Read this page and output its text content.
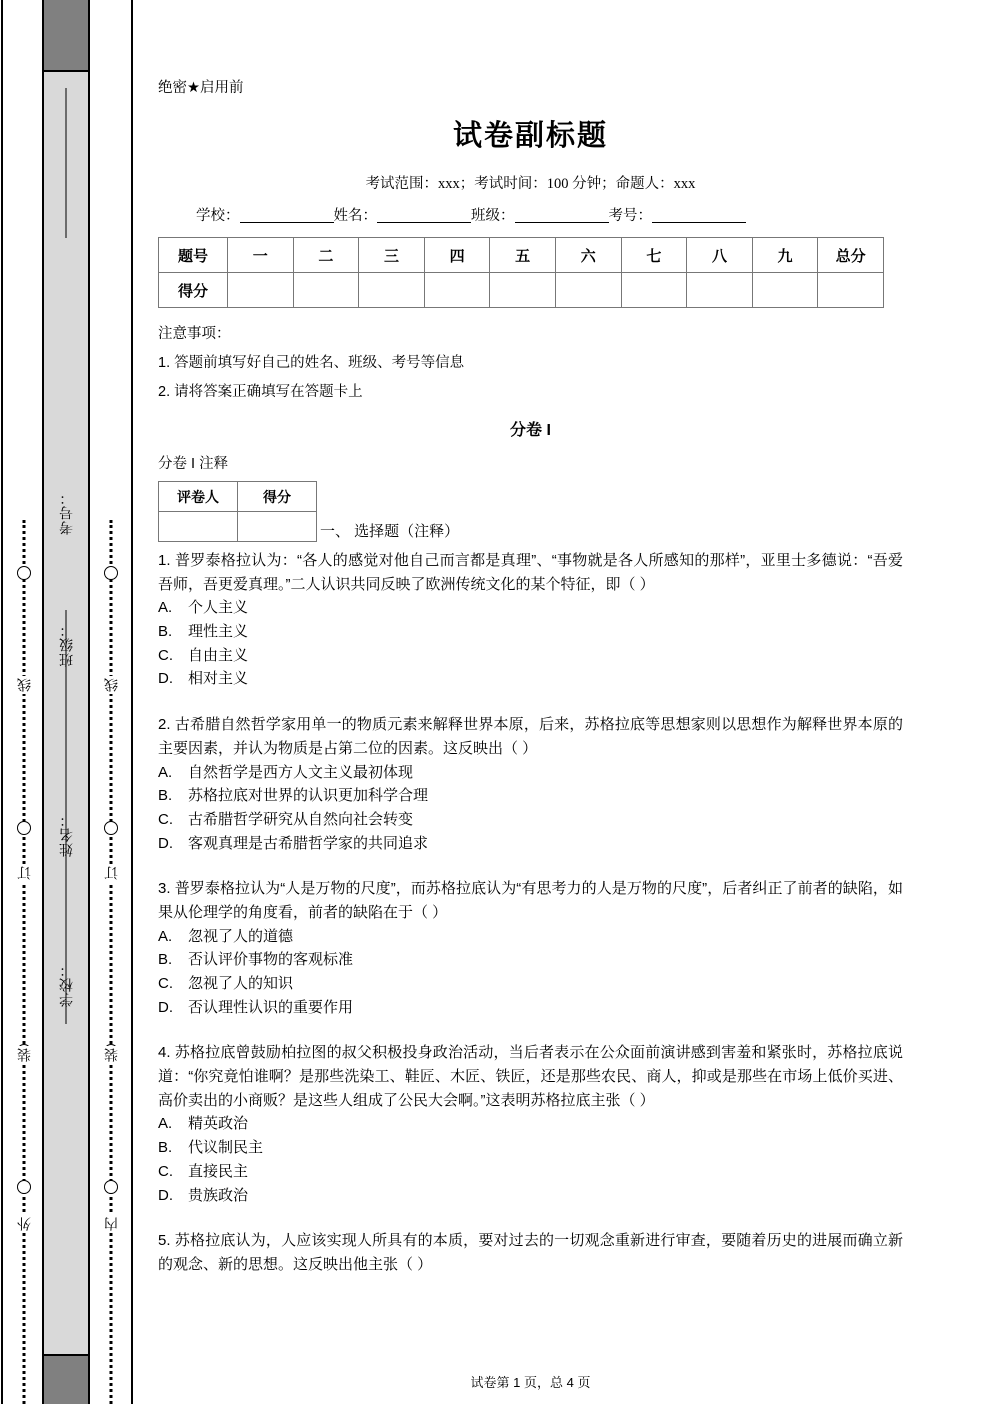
考号：
班级：
姓名：
学校：
线
订
装
外
线
订
装
内
绝密★启用前
试卷副标题
考试范围：xxx；考试时间：100 分钟；命题人：xxx
学校：	姓名：	班级：	考号：
题号	一	二	三	四	五	六	七	八	九	总分
得分										
注意事项：
1. 答题前填写好自己的姓名、班级、考号等信息
2. 请将答案正确填写在答题卡上
分卷 I
分卷 I 注释
评卷人	得分

一、 选择题（注释）

1. 普罗泰格拉认为：“各人的感觉对他自己而言都是真理”、“事物就是各人所感知的那样”，亚里士多德说：“吾爱吾师，吾更爱真理。”二人认识共同反映了欧洲传统文化的某个特征，即（ ）

A. 个人主义

B. 理性主义

C. 自由主义

D. 相对主义

2. 古希腊自然哲学家用单一的物质元素来解释世界本原，后来，苏格拉底等思想家则以思想作为解释世界本原的主要因素，并认为物质是占第二位的因素。这反映出（ ）

A. 自然哲学是西方人文主义最初体现

B. 苏格拉底对世界的认识更加科学合理

C. 古希腊哲学研究从自然向社会转变

D. 客观真理是古希腊哲学家的共同追求

3. 普罗泰格拉认为“人是万物的尺度”，而苏格拉底认为“有思考力的人是万物的尺度”，后者纠正了前者的缺陷，如果从伦理学的角度看，前者的缺陷在于（ ）

A. 忽视了人的道德

B. 否认评价事物的客观标准

C. 忽视了人的知识

D. 否认理性认识的重要作用

4. 苏格拉底曾鼓励柏拉图的叔父积极投身政治活动，当后者表示在公众面前演讲感到害羞和紧张时，苏格拉底说道：“你究竟怕谁啊？是那些洗染工、鞋匠、木匠、铁匠，还是那些农民、商人，抑或是那些在市场上低价买进、高价卖出的小商贩？是这些人组成了公民大会啊。”这表明苏格拉底主张（ ）

A. 精英政治

B. 代议制民主

C. 直接民主

D. 贵族政治

5. 苏格拉底认为，人应该实现人所具有的本质，要对过去的一切观念重新进行审查，要随着历史的进展而确立新的观念、新的思想。这反映出他主张（ ）

试卷第 1 页，总 4 页
